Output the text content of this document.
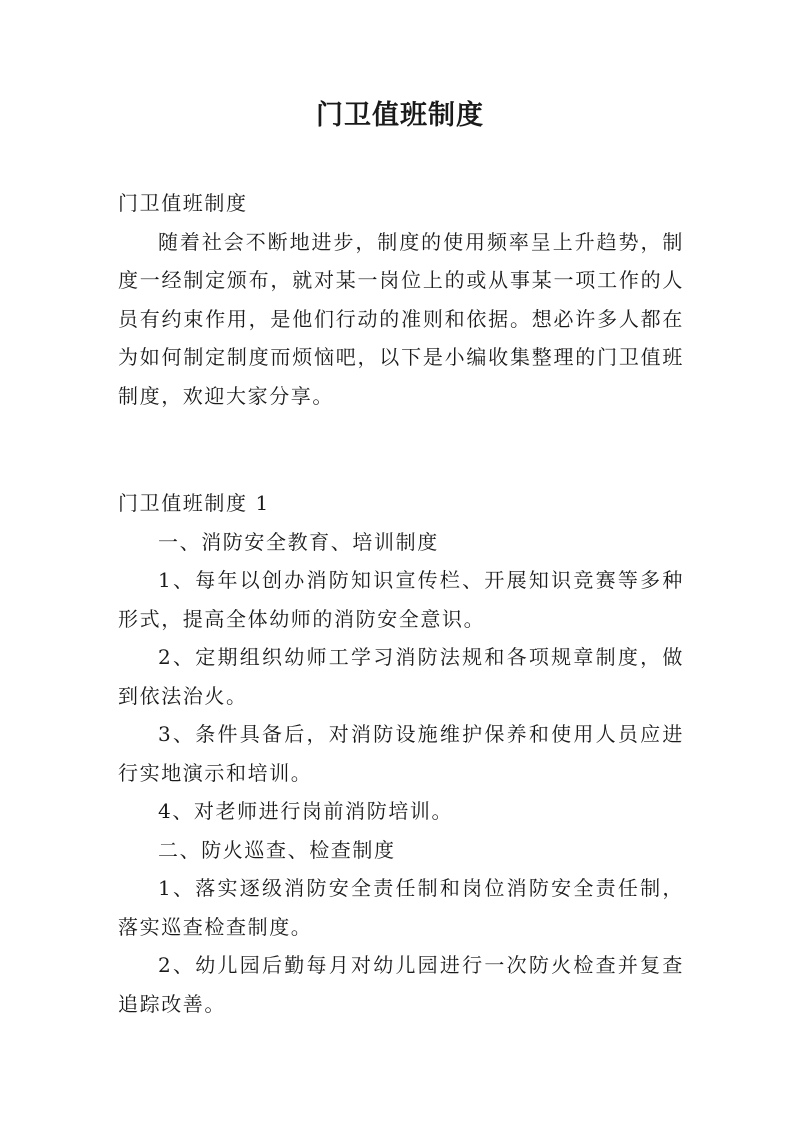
门卫值班制度

门卫值班制度

随着社会不断地进步，制度的使用频率呈上升趋势，制度一经制定颁布，就对某一岗位上的或从事某一项工作的人员有约束作用，是他们行动的准则和依据。想必许多人都在为如何制定制度而烦恼吧，以下是小编收集整理的门卫值班制度，欢迎大家分享。

门卫值班制度 1

一、消防安全教育、培训制度

1、每年以创办消防知识宣传栏、开展知识竞赛等多种形式，提高全体幼师的消防安全意识。

2、定期组织幼师工学习消防法规和各项规章制度，做到依法治火。

3、条件具备后，对消防设施维护保养和使用人员应进行实地演示和培训。

4、对老师进行岗前消防培训。

二、防火巡查、检查制度

1、落实逐级消防安全责任制和岗位消防安全责任制，落实巡查检查制度。

2、幼儿园后勤每月对幼儿园进行一次防火检查并复查追踪改善。
